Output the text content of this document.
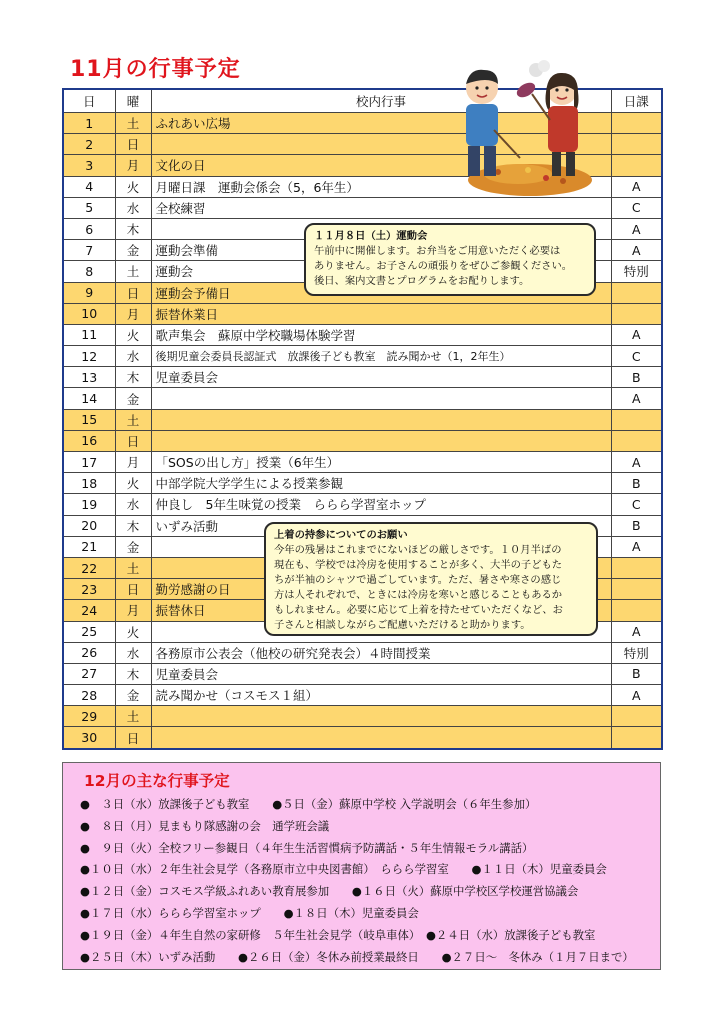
11月の行事予定
日	曜	校内行事	日課
1	土	ふれあい広場	
2	日		
3	月	文化の日	
4	火	月曜日課　運動会係会（5，6年生）	A
5	水	全校練習	C
6	木		A
7	金	運動会準備	A
8	土	運動会	特別
9	日	運動会予備日	
10	月	振替休業日	
11	火	歌声集会　蘇原中学校職場体験学習	A
12	水	後期児童会委員長認証式　放課後子ども教室　読み聞かせ（1，2年生）	C
13	木	児童委員会	B
14	金		A
15	土		
16	日		
17	月	「SOSの出し方」授業（6年生）	A
18	火	中部学院大学学生による授業参観	B
19	水	仲良し　5年生味覚の授業　ららら学習室ホップ	C
20	木	いずみ活動	B
21	金		A
22	土		
23	日	勤労感謝の日	
24	月	振替休日	
25	火		A
26	水	各務原市公表会（他校の研究発表会）４時間授業	特別
27	木	児童委員会	B
28	金	読み聞かせ（コスモス１組）	A
29	土		
30	日		
１１月８日（土）運動会
午前中に開催します。お弁当をご用意いただく必要は
ありません。お子さんの頑張りをぜひご参観ください。
後日、案内文書とプログラムをお配りします。
上着の持参についてのお願い
今年の残暑はこれまでにないほどの厳しさです。１０月半ばの
現在も、学校では冷房を使用することが多く、大半の子どもた
ちが半袖のシャツで過ごしています。ただ、暑さや寒さの感じ
方は人それぞれで、ときには冷房を寒いと感じることもあるか
もしれません。必要に応じて上着を持たせていただくなど、お
子さんと相談しながらご配慮いただけると助かります。
12月の主な行事予定
●　３日（水）放課後子ども教室　　●５日（金）蘇原中学校 入学説明会（６年生参加）
●　８日（月）見まもり隊感謝の会　通学班会議
●　９日（火）全校フリー参観日（４年生生活習慣病予防講話・５年生情報モラル講話）
●１０日（水）２年生社会見学（各務原市立中央図書館）　ららら学習室　　●１１日（木）児童委員会
●１２日（金）コスモス学級ふれあい教育展参加　　●１６日（火）蘇原中学校区学校運営協議会
●１７日（水）ららら学習室ホップ　　●１８日（木）児童委員会
●１９日（金）４年生自然の家研修　５年生社会見学（岐阜車体）　●２４日（水）放課後子ども教室
●２５日（木）いずみ活動　　●２６日（金）冬休み前授業最終日　　●２７日～　冬休み（１月７日まで）
